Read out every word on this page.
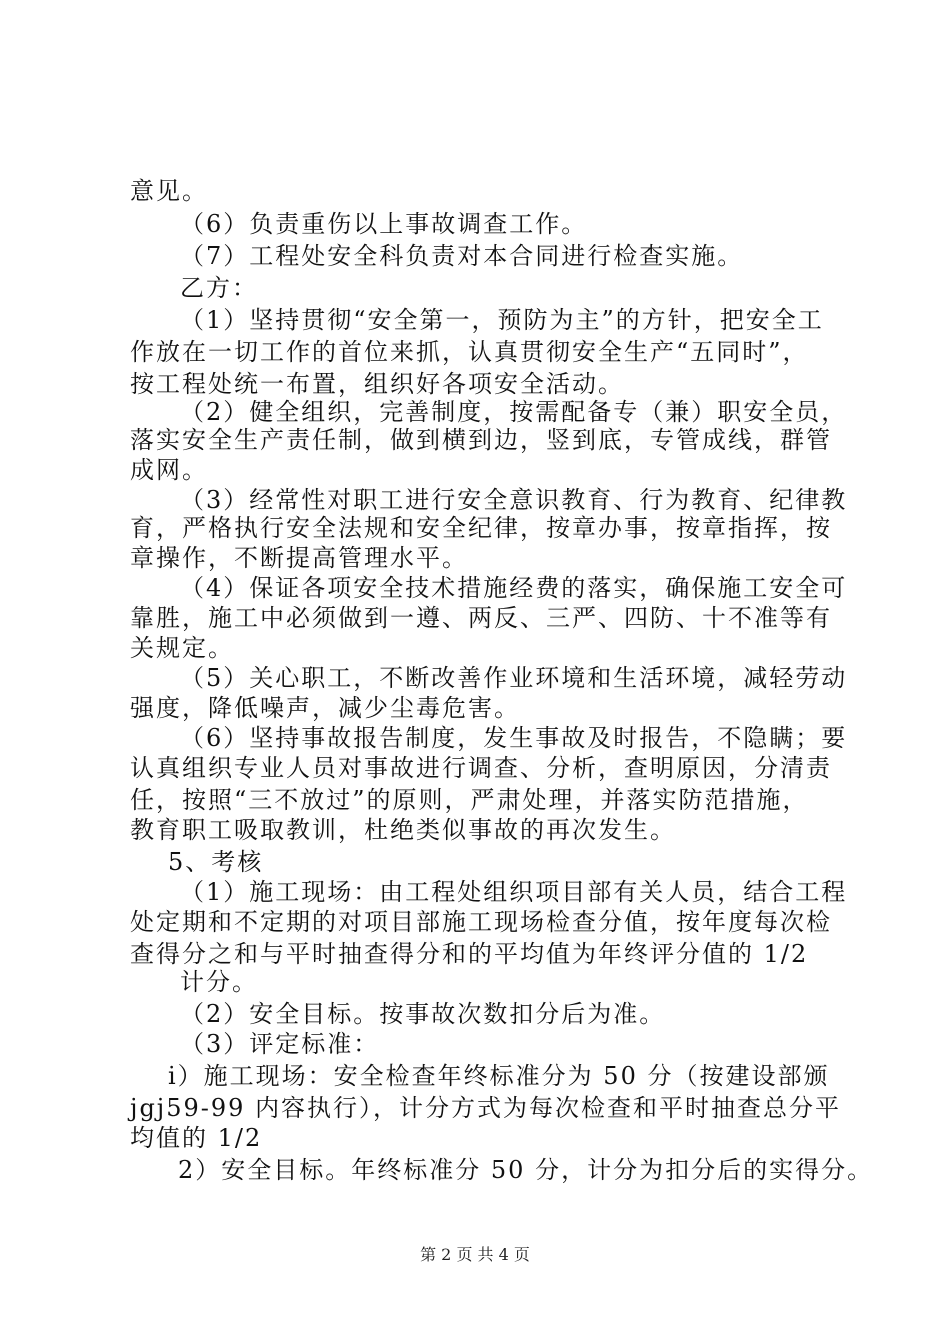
意见。
（6）负责重伤以上事故调查工作。
（7）工程处安全科负责对本合同进行检查实施。
乙方：
（1）坚持贯彻“安全第一，预防为主”的方针，把安全工
作放在一切工作的首位来抓，认真贯彻安全生产“五同时”，
按工程处统一布置，组织好各项安全活动。
（2）健全组织，完善制度，按需配备专（兼）职安全员，
落实安全生产责任制，做到横到边，竖到底，专管成线，群管
成网。
（3）经常性对职工进行安全意识教育、行为教育、纪律教
育，严格执行安全法规和安全纪律，按章办事，按章指挥，按
章操作，不断提高管理水平。
（4）保证各项安全技术措施经费的落实，确保施工安全可
靠胜，施工中必须做到一遵、两反、三严、四防、十不准等有
关规定。
（5）关心职工，不断改善作业环境和生活环境，减轻劳动
强度，降低噪声，减少尘毒危害。
（6）坚持事故报告制度，发生事故及时报告，不隐瞒；要
认真组织专业人员对事故进行调查、分析，查明原因，分清责
任，按照“三不放过”的原则，严肃处理，并落实防范措施，
教育职工吸取教训，杜绝类似事故的再次发生。
5、考核
（1）施工现场：由工程处组织项目部有关人员，结合工程
处定期和不定期的对项目部施工现场检查分值，按年度每次检
查得分之和与平时抽查得分和的平均值为年终评分值的 1/2
计分。
（2）安全目标。按事故次数扣分后为准。
（3）评定标准：
i）施工现场：安全检查年终标准分为 50 分（按建设部颁
jgj59-99 内容执行），计分方式为每次检查和平时抽查总分平
均值的 1/2
2）安全目标。年终标准分 50 分，计分为扣分后的实得分。
第 2 页 共 4 页
